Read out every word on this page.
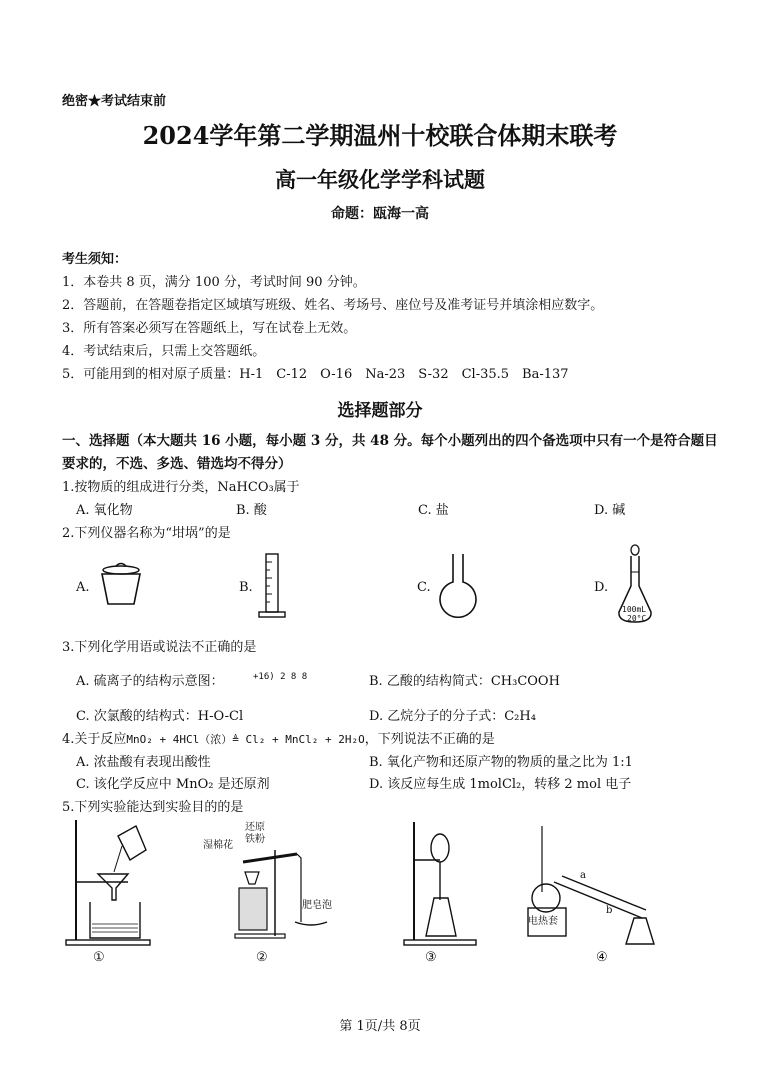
绝密★考试结束前
2024学年第二学期温州十校联合体期末联考
高一年级化学学科试题
命题：瓯海一高
考生须知：
1．本卷共 8 页，满分 100 分，考试时间 90 分钟。
2．答题前，在答题卷指定区域填写班级、姓名、考场号、座位号及准考证号并填涂相应数字。
3．所有答案必须写在答题纸上，写在试卷上无效。
4．考试结束后，只需上交答题纸。
5．可能用到的相对原子质量：H-1　C-12　O-16　Na-23　S-32　Cl-35.5　Ba-137
选择题部分
一、选择题（本大题共 16 小题，每小题 3 分，共 48 分。每个小题列出的四个备选项中只有一个是符合题目要求的，不选、多选、错选均不得分）
1.按物质的组成进行分类，NaHCO₃属于
A. 氧化物	B. 酸	C. 盐	D. 碱
2.下列仪器名称为“坩埚”的是
A.	B.	C.	D.
100mL
20°C
3.下列化学用语或说法不正确的是
A. 硫离子的结构示意图：	+16) 2 8 8	B. 乙酸的结构简式：CH₃COOH
C. 次氯酸的结构式：H-O-Cl	D. 乙烷分子的分子式：C₂H₄
4.关于反应MnO₂ + 4HCl（浓）≜ Cl₂ + MnCl₂ + 2H₂O，下列说法不正确的是
A. 浓盐酸有表现出酸性	B. 氧化产物和还原产物的物质的量之比为 1:1
C. 该化学反应中 MnO₂ 是还原剂	D. 该反应每生成 1molCl₂，转移 2 mol 电子
5.下列实验能达到实验目的的是
①
湿棉花
还原铁粉
肥皂泡
②	③
电热套
a
b
④
第 1页/共 8页
